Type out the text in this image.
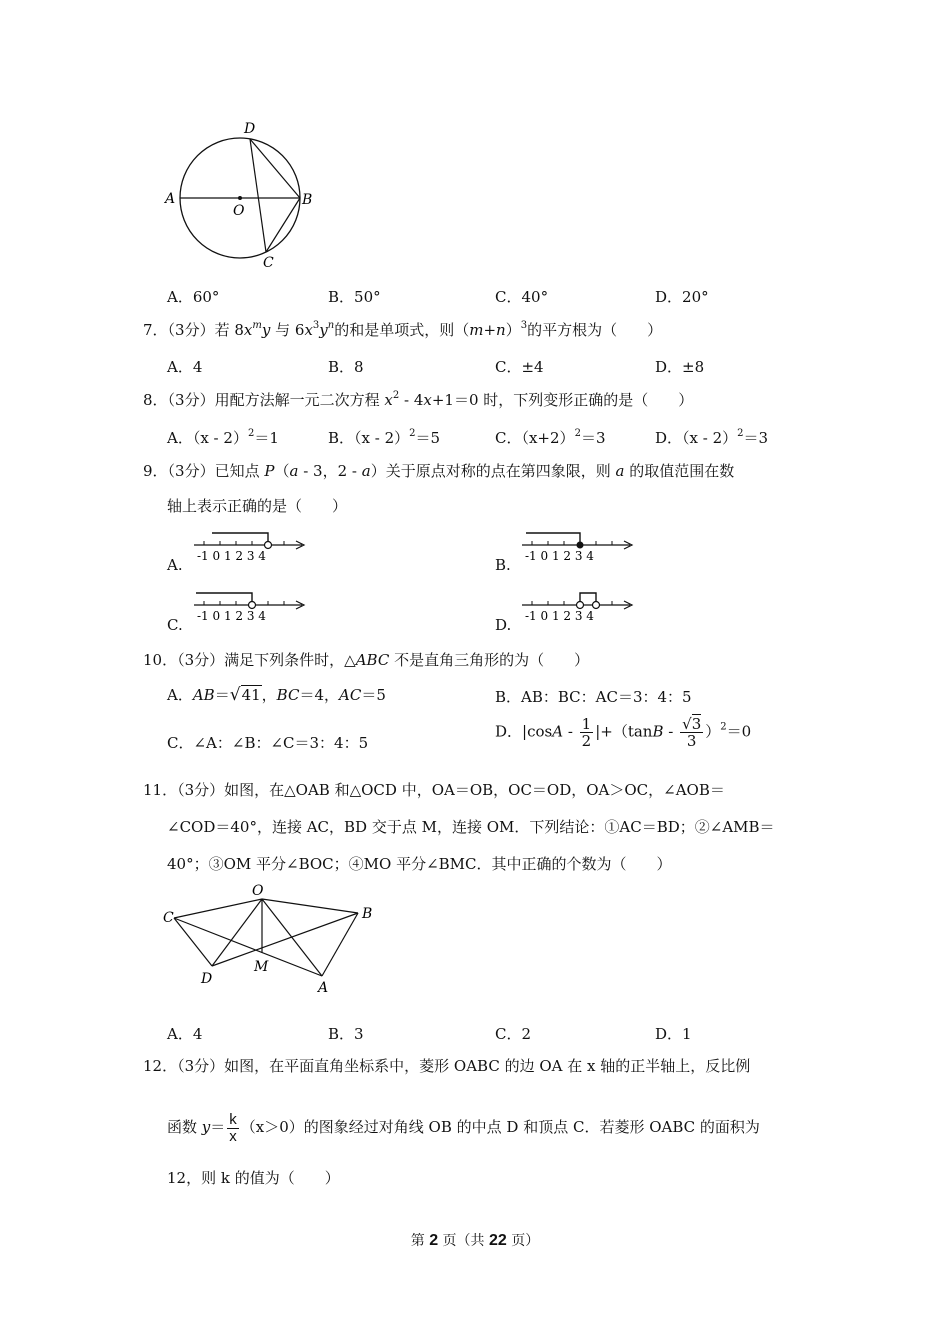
D
A
O
B
C
A．60°	B．50°	C．40°	D．20°
7．（3分）若 $8x^my$ 与 $6x^3y^n$的和是单项式，则$(m+n)^3$的平方根为（　　）
A．4	B．8	C．±4	D．±8
8．（3分）用配方法解一元二次方程 $x^2 - 4x+1=0$ 时，下列变形正确的是（　　）
A．（x - 2）$^2$＝1	B．（x - 2）$^2$＝5	C．$(x+2)^2=3$	D．（x - 2）$^2$＝3
9．（3分）已知点 P（a - 3，2 - a）关于原点对称的点在第四象限，则 a 的取值范围在数
轴上表示正确的是（　　）
A. -1 0 1 2 3 4	B. -1 0 1 2 3 4
C. -1 0 1 2 3 4	D. -1 0 1 2 3 4
10．（3分）满足下列条件时，△ABC 不是直角三角形的为（　　）
A．AB＝√41，BC＝4，AC＝5	B．AB：BC：AC＝3：4：5
C．∠A：∠B：∠C＝3：4：5
D．$|\cos A - \frac{1}{2} |+(\tan B - \frac{√3}{3} )^2=0$
11．（3分）如图，在△OAB 和△OCD 中，OA＝OB，OC＝OD，OA＞OC，∠AOB＝
∠COD＝40°，连接 AC，BD 交于点 M，连接 OM．下列结论：①AC＝BD；②∠AMB＝
40°；③OM 平分∠BOC；④MO 平分∠BMC．其中正确的个数为（　　）
O
C	B
D
M
A
A．4	B．3	C．2	D．1
12．（3分）如图，在平面直角坐标系中，菱形 OABC 的边 OA 在 x 轴的正半轴上，反比例
函数 $y= \frac{k}{x} (x>0)$的图象经过对角线 OB 的中点 D 和顶点 C．若菱形 OABC 的面积为
12，则 k 的值为（　　）
第 2 页（共 22 页）
